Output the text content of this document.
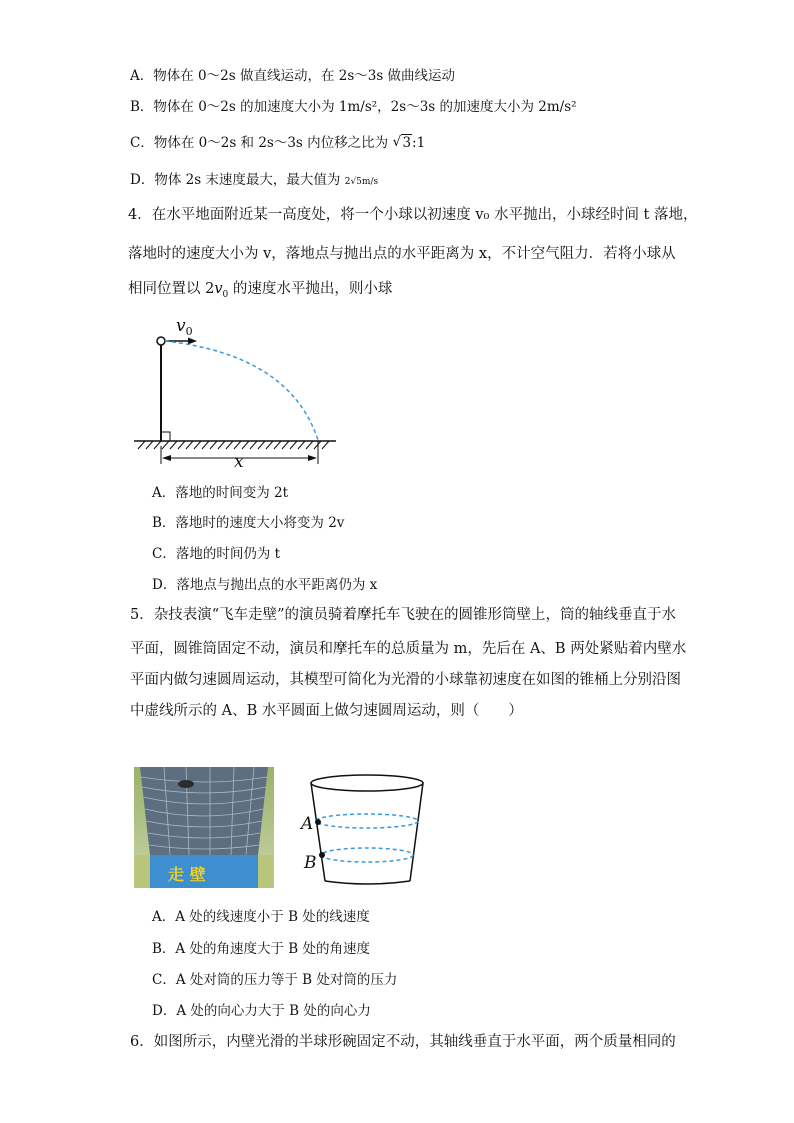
A．物体在 0～2s 做直线运动，在 2s～3s 做曲线运动
B．物体在 0～2s 的加速度大小为 1m/s²，2s～3s 的加速度大小为 2m/s²
C．物体在 0～2s 和 2s～3s 内位移之比为 √ 3:1
D．物体 2s 末速度最大，最大值为 2√5m/s
4．在水平地面附近某一高度处，将一个小球以初速度 v₀ 水平抛出，小球经时间 t 落地，
落地时的速度大小为 v，落地点与抛出点的水平距离为 x，不计空气阻力．若将小球从
相同位置以 $2v_0$ 的速度水平抛出，则小球
$v_0$
x
A．落地的时间变为 2t
B．落地时的速度大小将变为 2v
C．落地的时间仍为 t
D．落地点与抛出点的水平距离仍为 x
5．杂技表演“飞车走壁”的演员骑着摩托车飞驶在的圆锥形筒壁上，筒的轴线垂直于水
平面，圆锥筒固定不动，演员和摩托车的总质量为 m，先后在 A、B 两处紧贴着内壁水
平面内做匀速圆周运动，其模型可简化为光滑的小球靠初速度在如图的锥桶上分别沿图
中虚线所示的 A、B 水平圆面上做匀速圆周运动，则（　　）
走 壁
A
B
A．A 处的线速度小于 B 处的线速度
B．A 处的角速度大于 B 处的角速度
C．A 处对筒的压力等于 B 处对筒的压力
D．A 处的向心力大于 B 处的向心力
6．如图所示，内壁光滑的半球形碗固定不动，其轴线垂直于水平面，两个质量相同的
